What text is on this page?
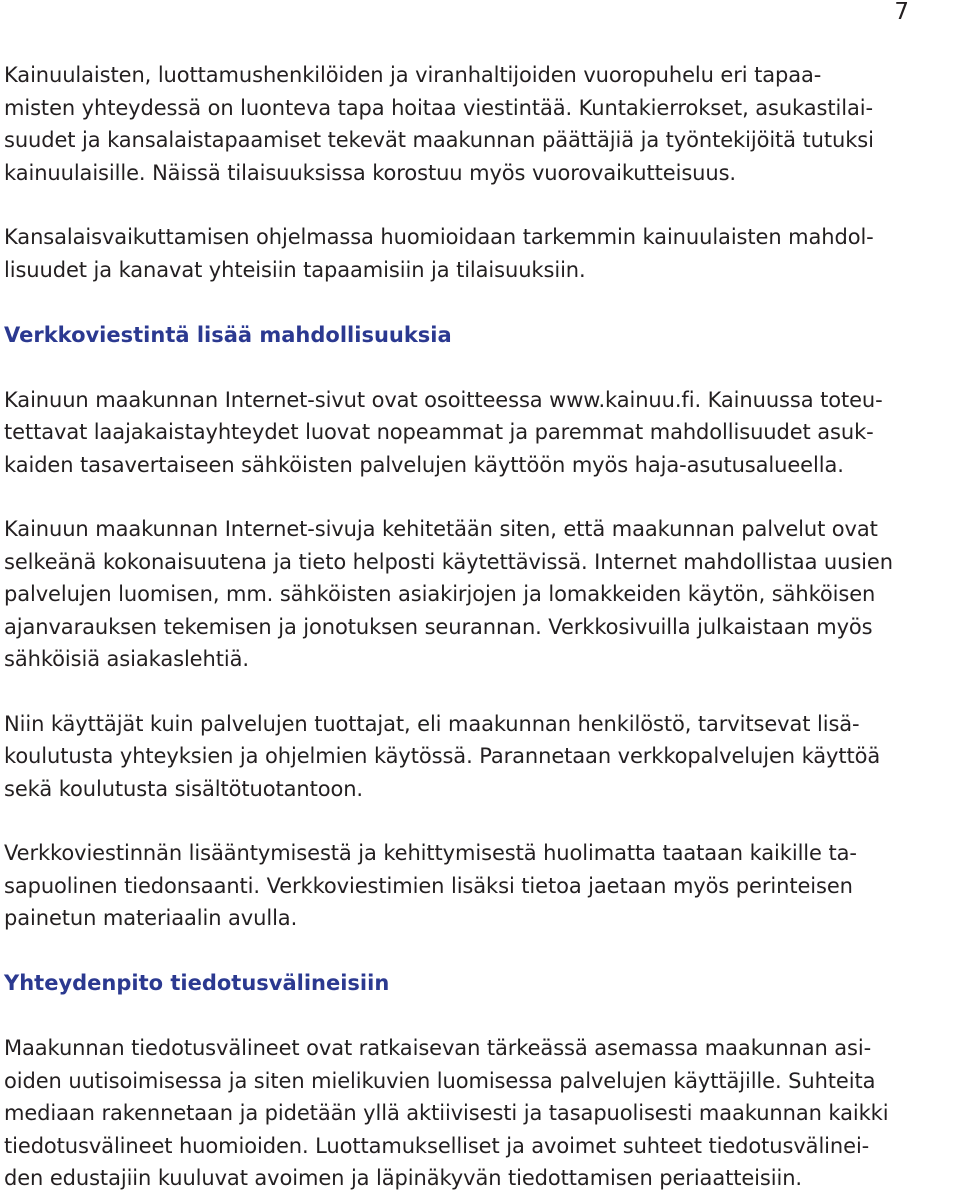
7

Kainuulaisten, luottamushenkilöiden ja viranhaltijoiden vuoropuhelu eri tapaa-
misten yhteydessä on luonteva tapa hoitaa viestintää. Kuntakierrokset, asukastilai-
suudet ja kansalaistapaamiset tekevät maakunnan päättäjiä ja työntekijöitä tutuksi
kainuulaisille. Näissä tilaisuuksissa korostuu myös vuorovaikutteisuus.

Kansalaisvaikuttamisen ohjelmassa huomioidaan tarkemmin kainuulaisten mahdol-
lisuudet ja kanavat yhteisiin tapaamisiin ja tilaisuuksiin.

Verkkoviestintä lisää mahdollisuuksia

Kainuun maakunnan Internet-sivut ovat osoitteessa www.kainuu.fi. Kainuussa toteu-
tettavat laajakaistayhteydet luovat nopeammat ja paremmat mahdollisuudet asuk-
kaiden tasavertaiseen sähköisten palvelujen käyttöön myös haja-asutusalueella.

Kainuun maakunnan Internet-sivuja kehitetään siten, että maakunnan palvelut ovat
selkeänä kokonaisuutena ja tieto helposti käytettävissä. Internet mahdollistaa uusien
palvelujen luomisen, mm. sähköisten asiakirjojen ja lomakkeiden käytön, sähköisen
ajanvarauksen tekemisen ja jonotuksen seurannan. Verkkosivuilla julkaistaan myös
sähköisiä asiakaslehtiä.

Niin käyttäjät kuin palvelujen tuottajat, eli maakunnan henkilöstö, tarvitsevat lisä-
koulutusta yhteyksien ja ohjelmien käytössä. Parannetaan verkkopalvelujen käyttöä
sekä koulutusta sisältötuotantoon.

Verkkoviestinnän lisääntymisestä ja kehittymisestä huolimatta taataan kaikille ta-
sapuolinen tiedonsaanti. Verkkoviestimien lisäksi tietoa jaetaan myös perinteisen
painetun materiaalin avulla.

Yhteydenpito tiedotusvälineisiin

Maakunnan tiedotusvälineet ovat ratkaisevan tärkeässä asemassa maakunnan asi-
oiden uutisoimisessa ja siten mielikuvien luomisessa palvelujen käyttäjille. Suhteita
mediaan rakennetaan ja pidetään yllä aktiivisesti ja tasapuolisesti maakunnan kaikki
tiedotusvälineet huomioiden. Luottamukselliset ja avoimet suhteet tiedotusvälinei-
den edustajiin kuuluvat avoimen ja läpinäkyvän tiedottamisen periaatteisiin.
